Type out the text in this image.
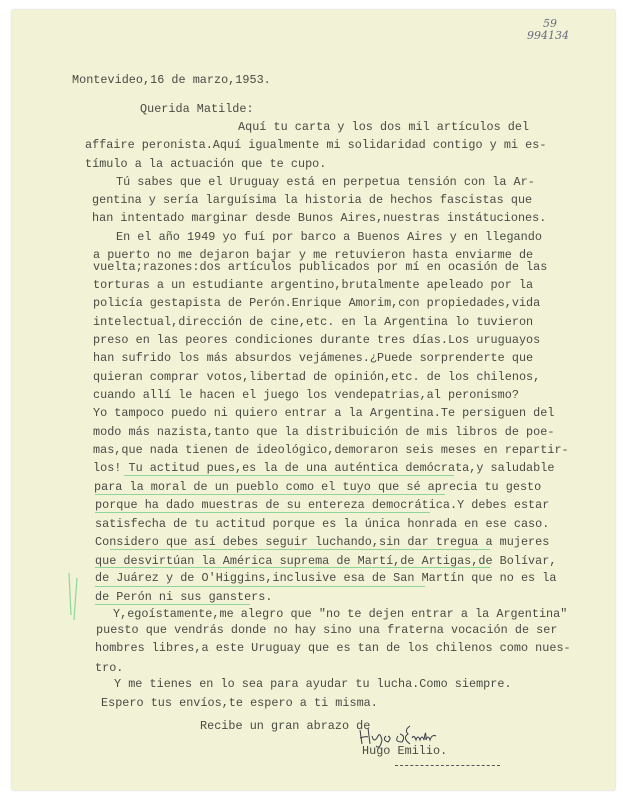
59
994134
Montevideo,16 de marzo,1953.
Querida Matilde:
Aquí tu carta y los dos mil artículos del
affaire peronista.Aquí igualmente mi solidaridad contigo y mi es-
tímulo a la actuación que te cupo.
Tú sabes que el Uruguay está en perpetua tensión con la Ar-
gentina y sería larguísima la historia de hechos fascistas que
han intentado marginar desde Bunos Aires,nuestras instátuciones.
En el año 1949 yo fuí por barco a Buenos Aires y en llegando
a puerto no me dejaron bajar y me retuvieron hasta enviarme de
vuelta;razones:dos artículos publicados por mí en ocasión de las
torturas a un estudiante argentino,brutalmente apeleado por la
policía gestapista de Perón.Enrique Amorim,con propiedades,vida
intelectual,dirección de cine,etc. en la Argentina lo tuvieron
preso en las peores condiciones durante tres días.Los uruguayos
han sufrido los más absurdos vejámenes.¿Puede sorprenderte que
quieran comprar votos,libertad de opinión,etc. de los chilenos,
cuando allí le hacen el juego los vendepatrias,al peronismo?
Yo tampoco puedo ni quiero entrar a la Argentina.Te persiguen del
modo más nazista,tanto que la distribuición de mis libros de poe-
mas,que nada tienen de ideológico,demoraron seis meses en repartir-
los! Tu actitud pues,es la de una auténtica demócrata,y saludable
para la moral de un pueblo como el tuyo que sé aprecia tu gesto
porque ha dado muestras de su entereza democrática.Y debes estar
satisfecha de tu actitud porque es la única honrada en ese caso.
Considero que así debes seguir luchando,sin dar tregua a mujeres
que desvirtúan la América suprema de Martí,de Artigas,de Bolívar,
de Juárez y de O'Higgins,inclusive esa de San Martín que no es la
de Perón ni sus gansters.
Y,egoístamente,me alegro que "no te dejen entrar a la Argentina"
puesto que vendrás donde no hay sino una fraterna vocación de ser
hombres libres,a este Uruguay que es tan de los chilenos como nues-
tro.
Y me tienes en lo sea para ayudar tu lucha.Como siempre.
Espero tus envíos,te espero a ti misma.
Recibe un gran abrazo de
Hugo Emilio.
